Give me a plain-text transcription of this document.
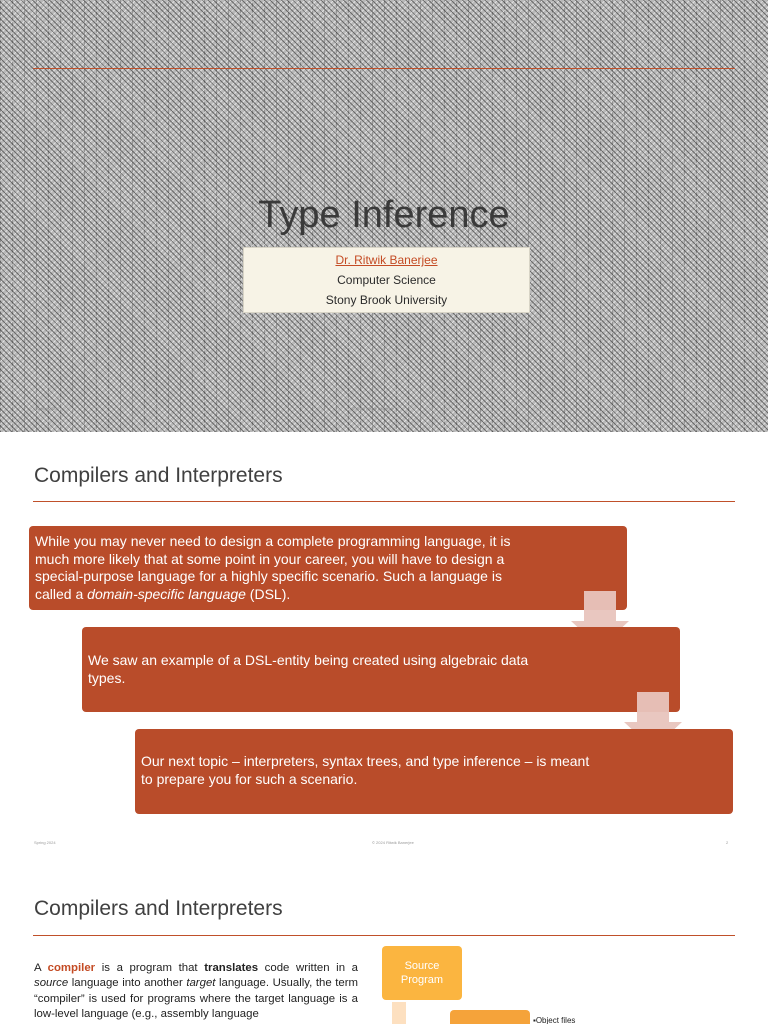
Type Inference
Dr. Ritwik Banerjee
Computer Science
Stony Brook University
Spring 2024	© 2024 Ritwik Banerjee
Compilers and Interpreters
While you may never need to design a complete programming language, it is much more likely that at some point in your career, you will have to design a special-purpose language for a highly specific scenario. Such a language is called a domain-specific language (DSL).
We saw an example of a DSL-entity being created using algebraic data types.
Our next topic – interpreters, syntax trees, and type inference – is meant to prepare you for such a scenario.
Spring 2024	© 2024 Ritwik Banerjee	2
Compilers and Interpreters
A compiler is a program that translates code written in a source language into another target language. Usually, the term “compiler” is used for programs where the target language is a low-level language (e.g., assembly language
Source
Program
▪Object files
